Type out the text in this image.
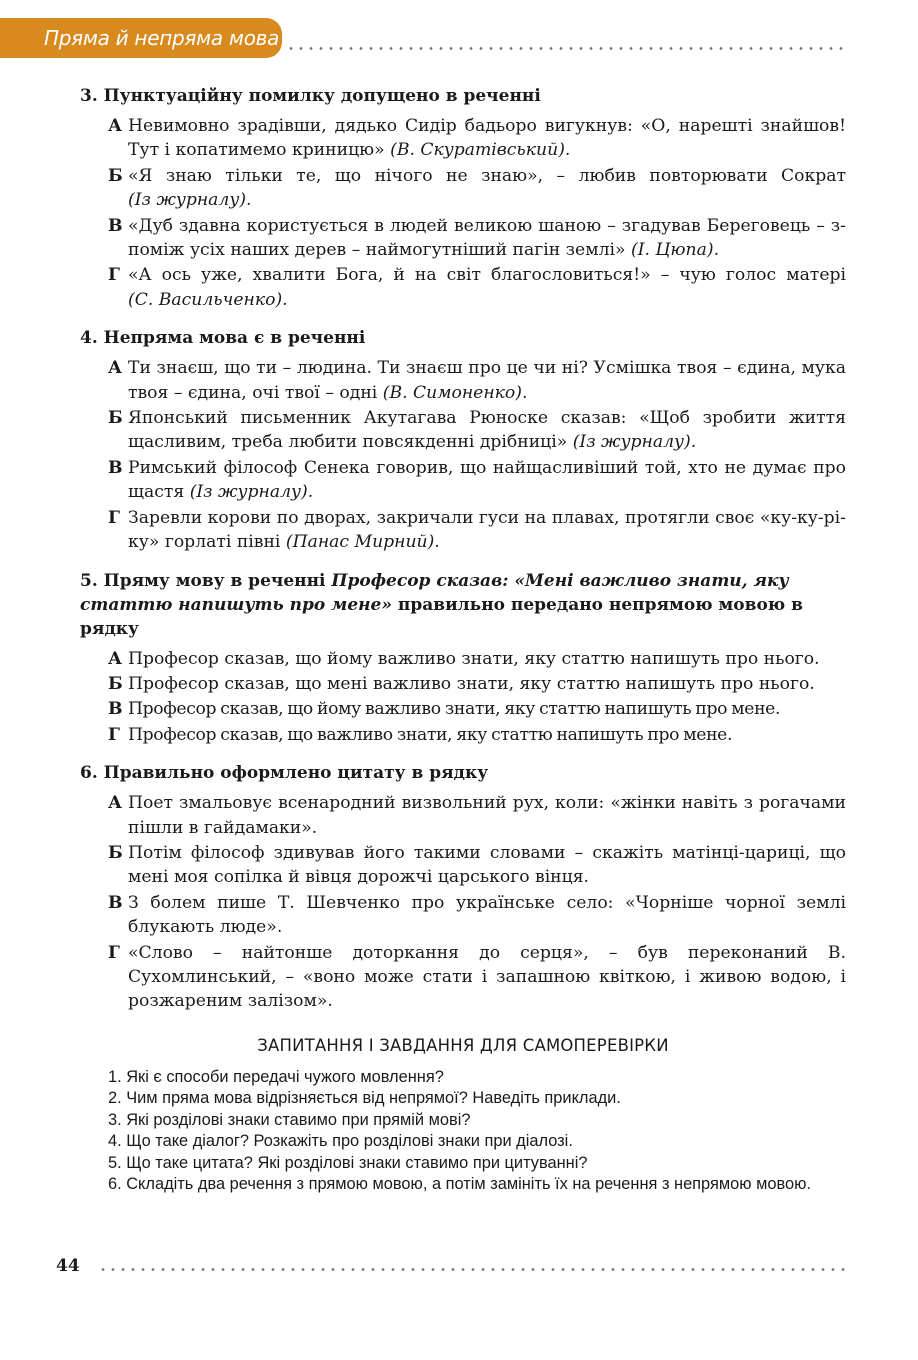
Пряма й непряма мова
3. Пунктуаційну помилку допущено в реченні
А Невимовно зрадівши, дядько Сидір бадьоро вигукнув: «О, нарешті знайшов! Тут і копатимемо криницю» (В. Скуратівський).
Б «Я знаю тільки те, що нічого не знаю», – любив повторювати Сократ (Із журналу).
В «Дуб здавна користується в людей великою шаною – згадував Береговець – з-поміж усіх наших дерев – наймогутніший пагін землі» (І. Цюпа).
Г «А ось уже, хвалити Бога, й на світ благословиться!» – чую голос матері (С. Васильченко).
4. Непряма мова є в реченні
А Ти знаєш, що ти – людина. Ти знаєш про це чи ні? Усмішка твоя – єдина, мука твоя – єдина, очі твої – одні (В. Симоненко).
Б Японський письменник Акутагава Рюноске сказав: «Щоб зробити життя щасливим, треба любити повсякденні дрібниці» (Із журналу).
В Римський філософ Сенека говорив, що найщасливіший той, хто не думає про щастя (Із журналу).
Г Заревли корови по дворах, закричали гуси на плавах, протягли своє «ку-ку-рі-ку» горлаті півні (Панас Мирний).
5. Пряму мову в реченні Професор сказав: «Мені важливо знати, яку статтю напишуть про мене» правильно передано непрямою мовою в рядку
А Професор сказав, що йому важливо знати, яку статтю напишуть про нього.
Б Професор сказав, що мені важливо знати, яку статтю напишуть про нього.
В Професор сказав, що йому важливо знати, яку статтю напишуть про мене.
Г Професор сказав, що важливо знати, яку статтю напишуть про мене.
6. Правильно оформлено цитату в рядку
А Поет змальовує всенародний визвольний рух, коли: «жінки навіть з рогачами пішли в гайдамаки».
Б Потім філософ здивував його такими словами – скажіть матінці-цариці, що мені моя сопілка й вівця дорожчі царського вінця.
В З болем пише Т. Шевченко про українське село: «Чорніше чорної землі блукають люде».
Г «Слово – найтонше доторкання до серця», – був переконаний В. Сухомлинський, – «воно може стати і запашною квіткою, і живою водою, і розжареним залізом».
ЗАПИТАННЯ І ЗАВДАННЯ ДЛЯ САМОПЕРЕВІРКИ
1. Які є способи передачі чужого мовлення?
2. Чим пряма мова відрізняється від непрямої? Наведіть приклади.
3. Які розділові знаки ставимо при прямій мові?
4. Що таке діалог? Розкажіть про розділові знаки при діалозі.
5. Що таке цитата? Які розділові знаки ставимо при цитуванні?
6. Складіть два речення з прямою мовою, а потім замініть їх на речення з непрямою мовою.
44
